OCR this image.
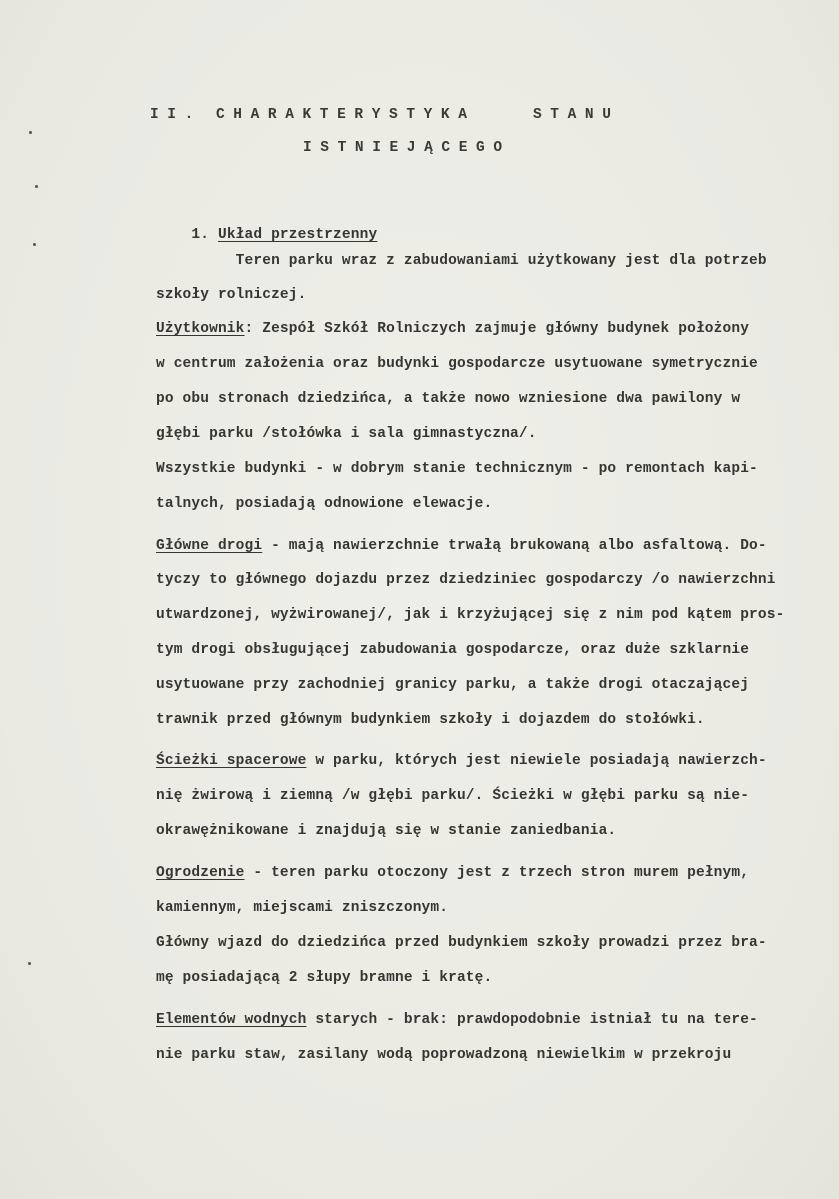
II. CHARAKTERYSTYKA	STANU
ISTNIEJĄCEGO

1. Układ przestrzenny

Teren parku wraz z zabudowaniami użytkowany jest dla potrzeb
szkoły rolniczej.
Użytkownik: Zespół Szkół Rolniczych zajmuje główny budynek położony
w centrum założenia oraz budynki gospodarcze usytuowane symetrycznie
po obu stronach dziedzińca, a także nowo wzniesione dwa pawilony w
głębi parku /stołówka i sala gimnastyczna/.
Wszystkie budynki - w dobrym stanie technicznym - po remontach kapi-
talnych, posiadają odnowione elewacje.
Główne drogi - mają nawierzchnie trwałą brukowaną albo asfaltową. Do-
tyczy to głównego dojazdu przez dziedziniec gospodarczy /o nawierzchni
utwardzonej, wyżwirowanej/, jak i krzyżującej się z nim pod kątem pros-
tym drogi obsługującej zabudowania gospodarcze, oraz duże szklarnie
usytuowane przy zachodniej granicy parku, a także drogi otaczającej
trawnik przed głównym budynkiem szkoły i dojazdem do stołówki.
Ścieżki spacerowe w parku, których jest niewiele posiadają nawierzch-
nię żwirową i ziemną /w głębi parku/. Ścieżki w głębi parku są nie-
okrawężnikowane i znajdują się w stanie zaniedbania.
Ogrodzenie - teren parku otoczony jest z trzech stron murem pełnym,
kamiennym, miejscami zniszczonym.
Główny wjazd do dziedzińca przed budynkiem szkoły prowadzi przez bra-
mę posiadającą 2 słupy bramne i kratę.
Elementów wodnych starych - brak: prawdopodobnie istniał tu na tere-
nie parku staw, zasilany wodą poprowadzoną niewielkim w przekroju
